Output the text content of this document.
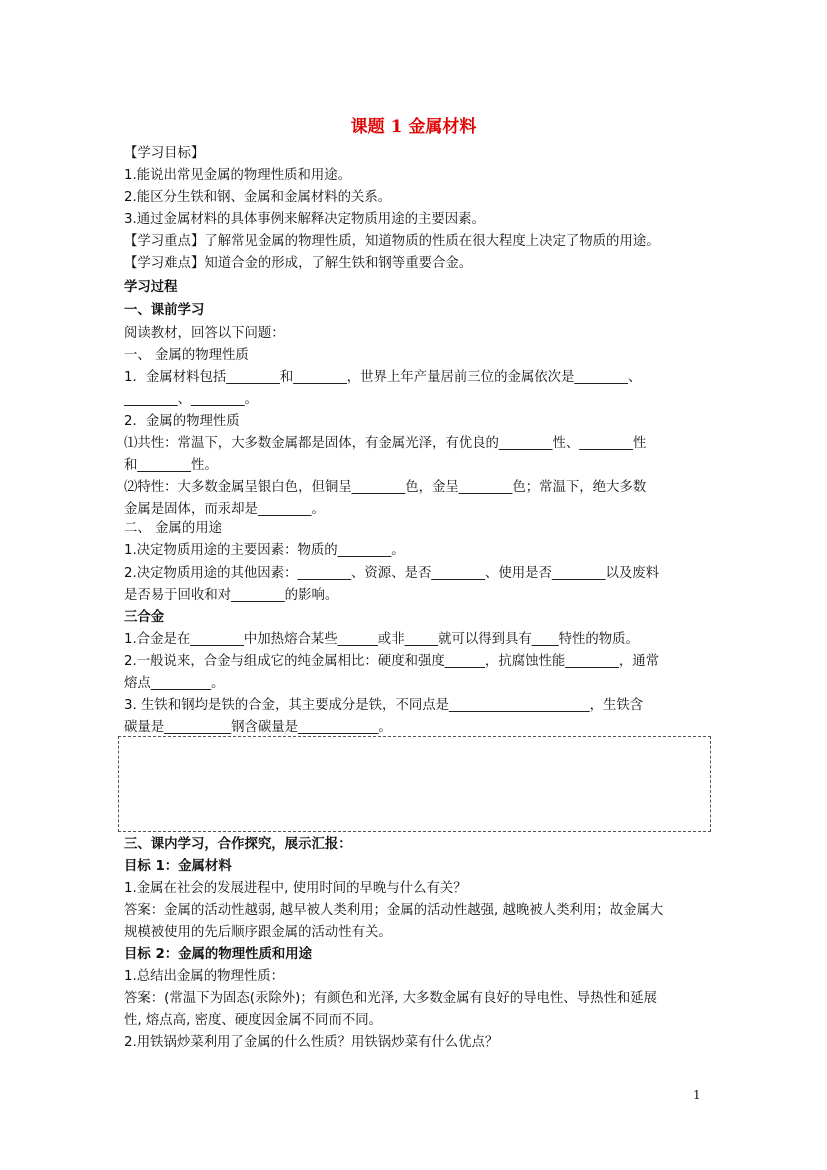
课题 1 金属材料
【学习目标】
1.能说出常见金属的物理性质和用途。
2.能区分生铁和钢、金属和金属材料的关系。
3.通过金属材料的具体事例来解释决定物质用途的主要因素。
【学习重点】了解常见金属的物理性质，知道物质的性质在很大程度上决定了物质的用途。
【学习难点】知道合金的形成，了解生铁和钢等重要合金。
学习过程
一、课前学习
阅读教材，回答以下问题：
一、 金属的物理性质
1．金属材料包括________和________，世界上年产量居前三位的金属依次是________、
________、________。
2．金属的物理性质
⑴共性：常温下，大多数金属都是固体，有金属光泽，有优良的________性、________性
和________性。
⑵特性：大多数金属呈银白色，但铜呈________色，金呈________色；常温下，绝大多数
金属是固体，而汞却是________。
二、 金属的用途
1.决定物质用途的主要因素：物质的________。
2.决定物质用途的其他因素：________、资源、是否________、使用是否________以及废料
是否易于回收和对________的影响。
三合金
1.合金是在________中加热熔合某些______或非_____就可以得到具有____特性的物质。
2.一般说来，合金与组成它的纯金属相比：硬度和强度______，抗腐蚀性能________，通常
熔点_________。
3. 生铁和钢均是铁的合金，其主要成分是铁，不同点是_____________________，生铁含
碳量是__________钢含碳量是____________。
三、课内学习，合作探究，展示汇报：
目标 1：金属材料
1.金属在社会的发展进程中, 使用时间的早晚与什么有关？
答案：金属的活动性越弱, 越早被人类利用；金属的活动性越强, 越晚被人类利用；故金属大
规模被使用的先后顺序跟金属的活动性有关。
目标 2：金属的物理性质和用途
1.总结出金属的物理性质：
答案：(常温下为固态(汞除外)；有颜色和光泽, 大多数金属有良好的导电性、导热性和延展
性, 熔点高, 密度、硬度因金属不同而不同。
2.用铁锅炒菜利用了金属的什么性质？用铁锅炒菜有什么优点？
1
